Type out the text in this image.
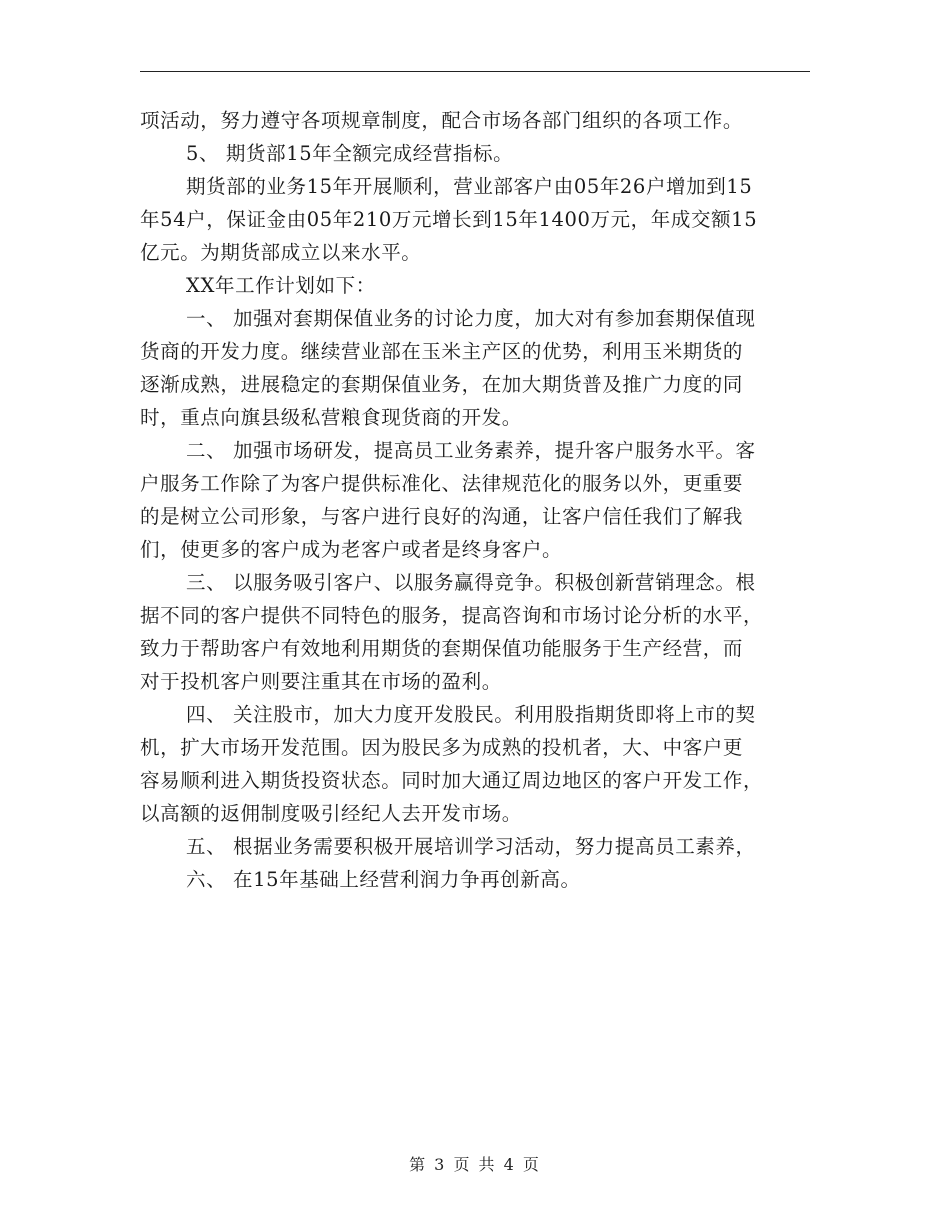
项活动，努力遵守各项规章制度，配合市场各部门组织的各项工作。
5、 期货部15年全额完成经营指标。
期货部的业务15年开展顺利，营业部客户由05年26户增加到15
年54户，保证金由05年210万元增长到15年1400万元，年成交额15
亿元。为期货部成立以来水平。
XX年工作计划如下：
一、 加强对套期保值业务的讨论力度，加大对有参加套期保值现
货商的开发力度。继续营业部在玉米主产区的优势，利用玉米期货的
逐渐成熟，进展稳定的套期保值业务，在加大期货普及推广力度的同
时，重点向旗县级私营粮食现货商的开发。
二、 加强市场研发，提高员工业务素养，提升客户服务水平。客
户服务工作除了为客户提供标准化、法律规范化的服务以外，更重要
的是树立公司形象，与客户进行良好的沟通，让客户信任我们了解我
们，使更多的客户成为老客户或者是终身客户。
三、 以服务吸引客户、以服务赢得竞争。积极创新营销理念。根
据不同的客户提供不同特色的服务，提高咨询和市场讨论分析的水平，
致力于帮助客户有效地利用期货的套期保值功能服务于生产经营，而
对于投机客户则要注重其在市场的盈利。
四、 关注股市，加大力度开发股民。利用股指期货即将上市的契
机，扩大市场开发范围。因为股民多为成熟的投机者，大、中客户更
容易顺利进入期货投资状态。同时加大通辽周边地区的客户开发工作，
以高额的返佣制度吸引经纪人去开发市场。
五、 根据业务需要积极开展培训学习活动，努力提高员工素养，
六、 在15年基础上经营利润力争再创新高。
第 3 页 共 4 页
